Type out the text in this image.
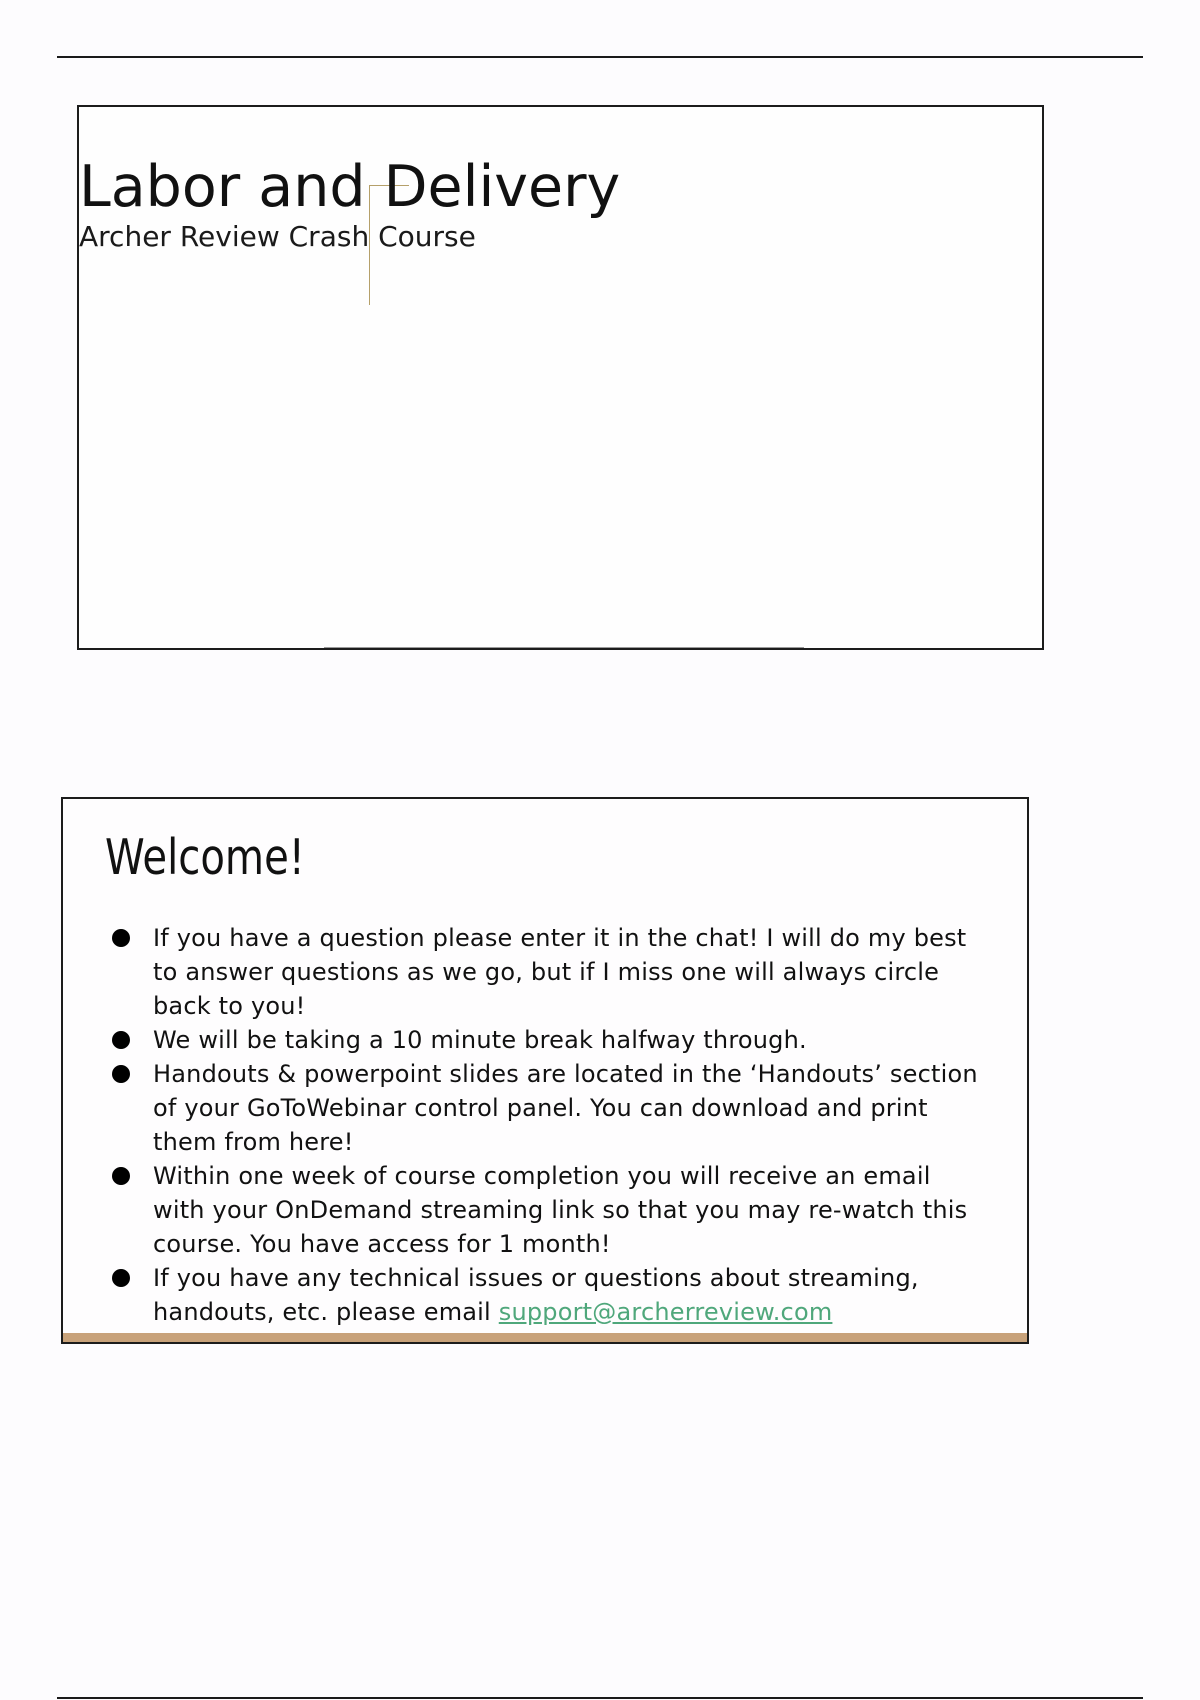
Labor and Delivery

Archer Review Crash Course

Welcome!
If you have a question please enter it in the chat! I will do my best to answer questions as we go, but if I miss one will always circle back to you!
We will be taking a 10 minute break halfway through.
Handouts & powerpoint slides are located in the ‘Handouts’ section of your GoToWebinar control panel. You can download and print them from here!
Within one week of course completion you will receive an email with your OnDemand streaming link so that you may re-watch this course. You have access for 1 month!
If you have any technical issues or questions about streaming, handouts, etc. please email support@archerreview.com
